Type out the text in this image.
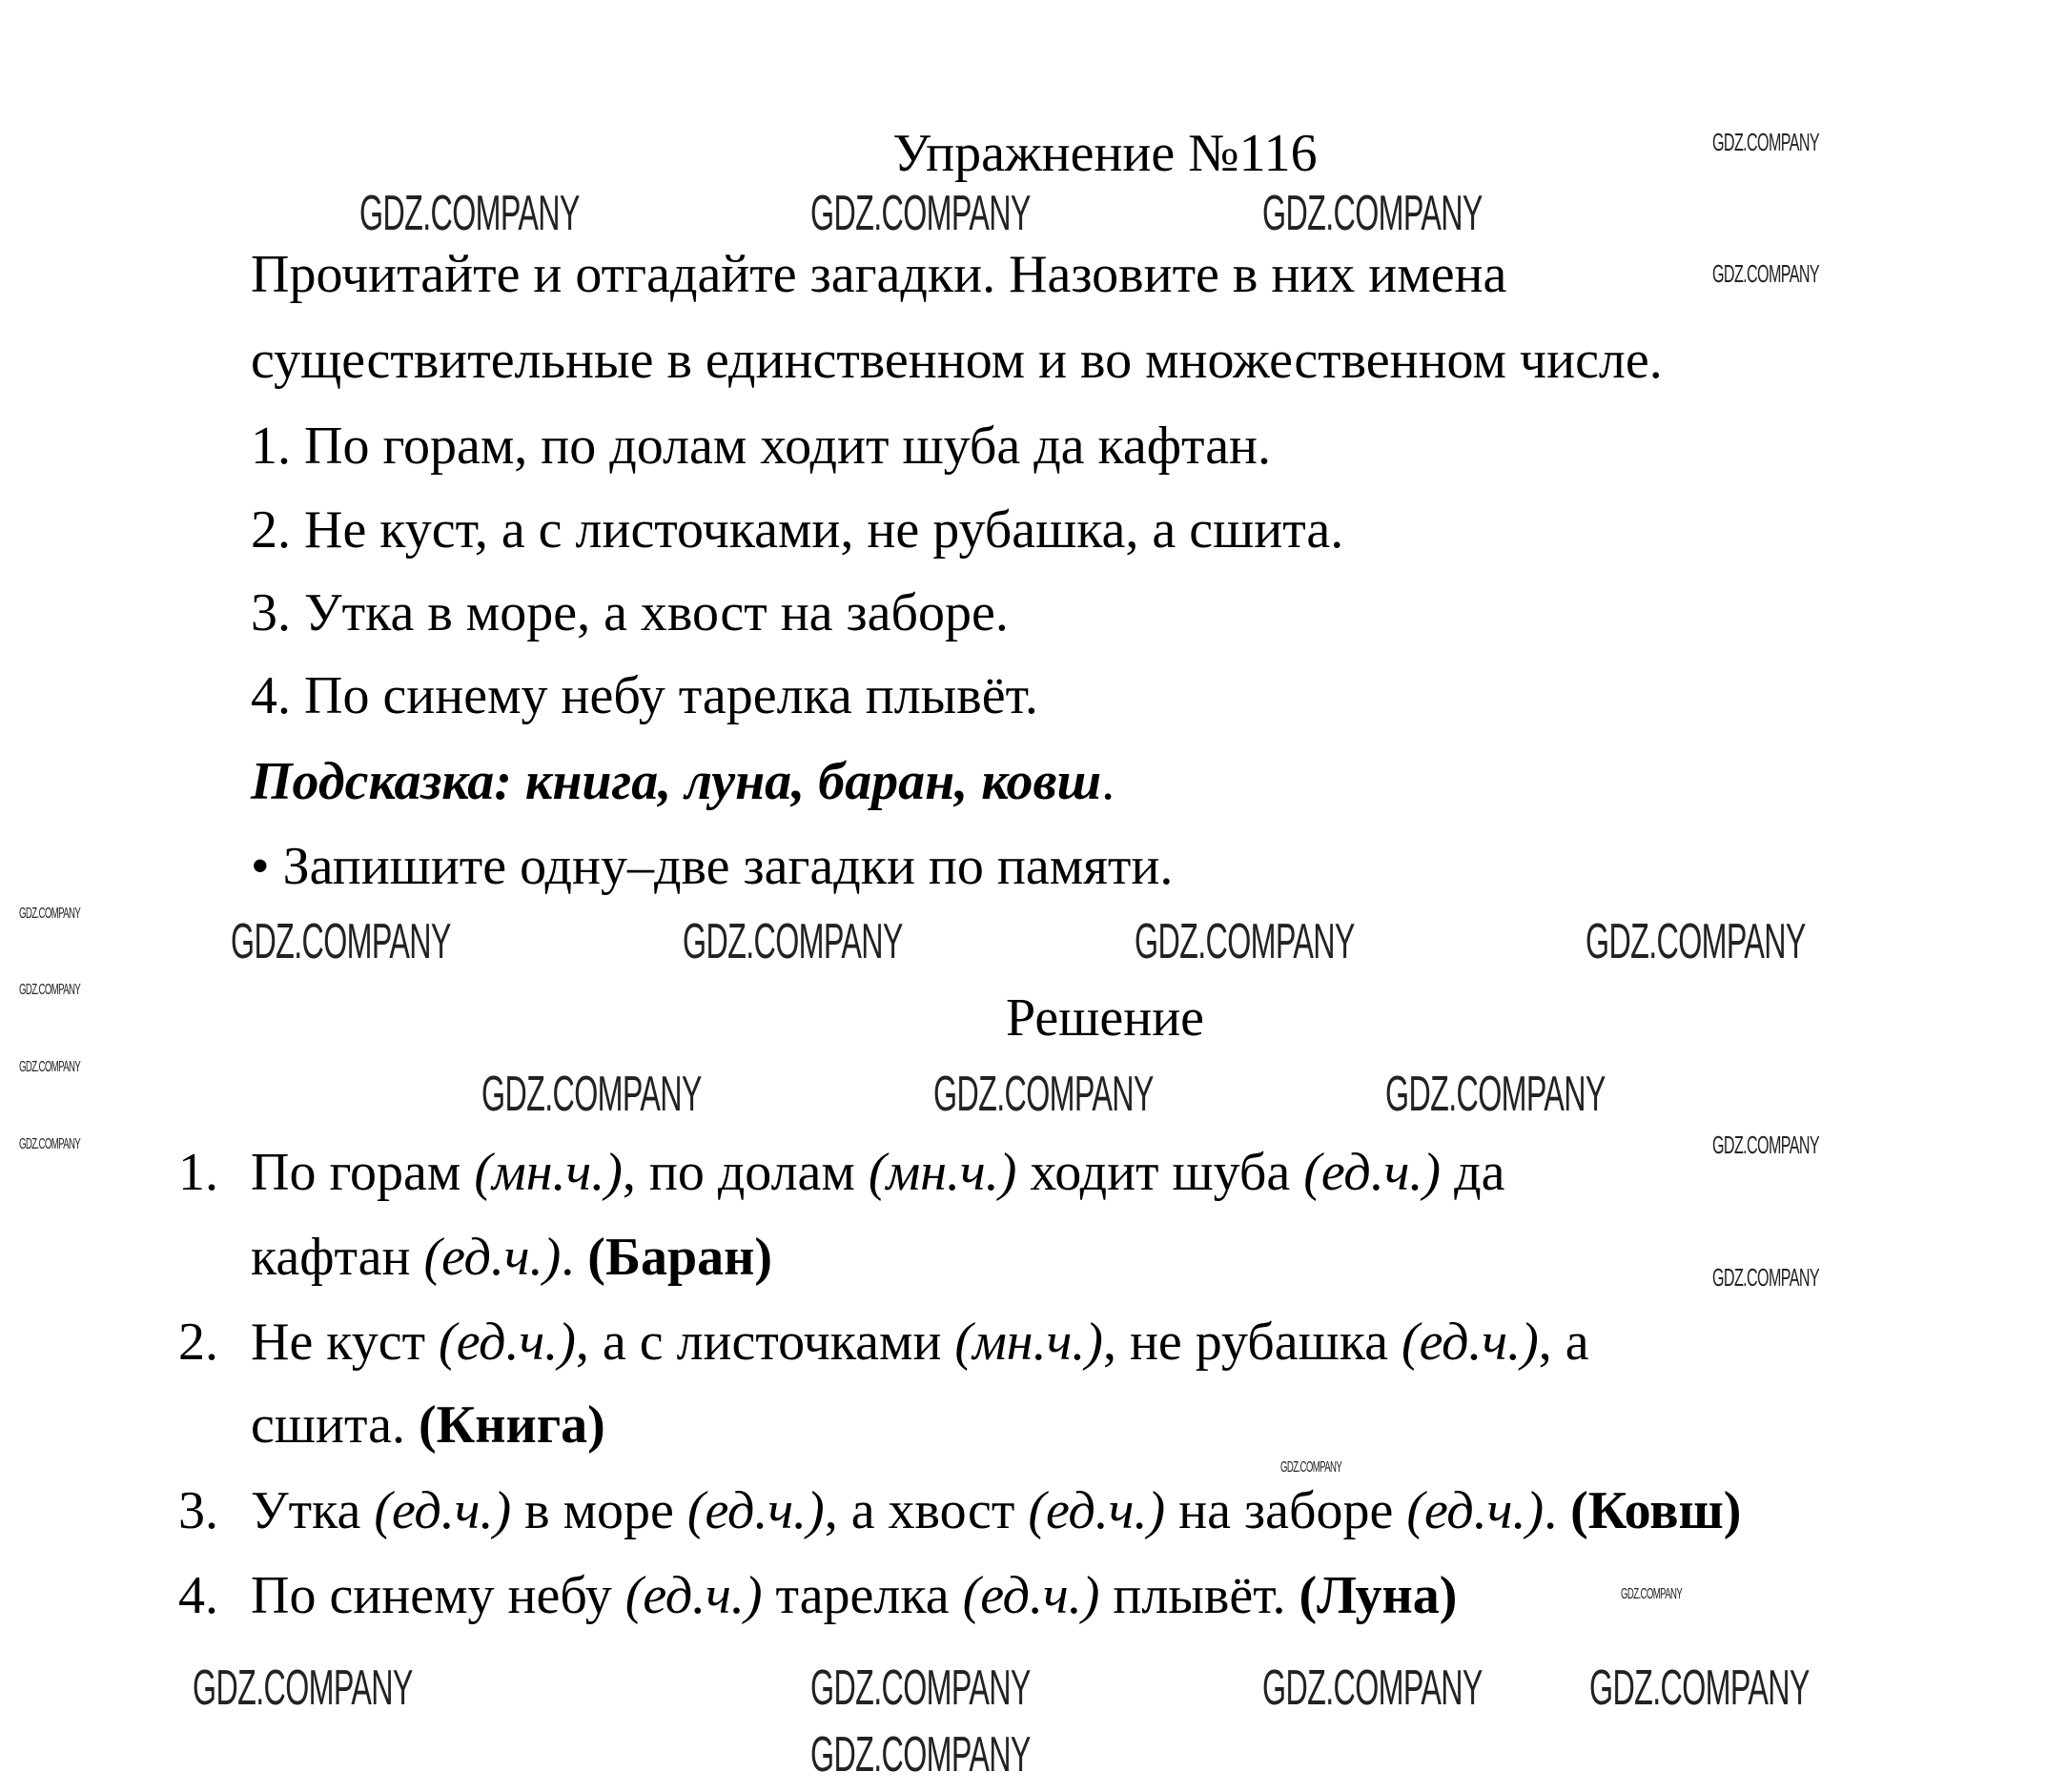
Упражнение №116
Прочитайте и отгадайте загадки. Назовите в них имена
существительные в единственном и во множественном числе.
1. По горам, по долам ходит шуба да кафтан.
2. Не куст, а с листочками, не рубашка, а сшита.
3. Утка в море, а хвост на заборе.
4. По синему небу тарелка плывёт.
Подсказка: книга, луна, баран, ковш.
• Запишите одну–две загадки по памяти.
Решение
1. По горам (мн.ч.), по долам (мн.ч.) ходит шуба (ед.ч.) да
кафтан (ед.ч.). (Баран)
2. Не куст (ед.ч.), а с листочками (мн.ч.), не рубашка (ед.ч.), а
сшита. (Книга)
3. Утка (ед.ч.) в море (ед.ч.), а хвост (ед.ч.) на заборе (ед.ч.). (Ковш)
4. По синему небу (ед.ч.) тарелка (ед.ч.) плывёт. (Луна)
GDZ.COMPANY
GDZ.COMPANY
GDZ.COMPANY
GDZ.COMPANY
GDZ.COMPANY	GDZ.COMPANY	GDZ.COMPANY
GDZ.COMPANY	GDZ.COMPANY	GDZ.COMPANY	GDZ.COMPANY
GDZ.COMPANY	GDZ.COMPANY	GDZ.COMPANY
GDZ.COMPANY	GDZ.COMPANY	GDZ.COMPANY GDZ.COMPANY
GDZ.COMPANY
GDZ.COMPANY
GDZ.COMPANY
GDZ.COMPANY
GDZ.COMPANY
GDZ.COMPANY
GDZ.COMPANY
